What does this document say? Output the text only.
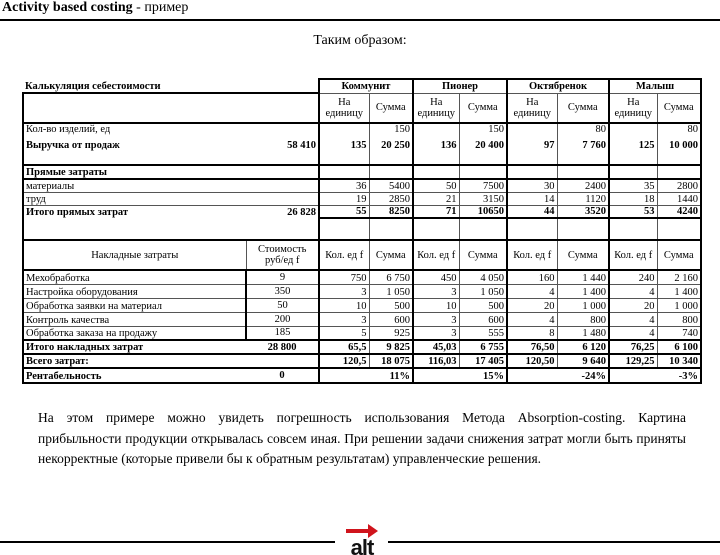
Activity based costing - пример
Таким образом:
Калькуляция себестоимости		Коммунит		Пионер		Октябренок		Малыш	
		На единицу	Сумма	На единицу	Сумма	На единицу	Сумма	На единицу	Сумма
Кол-во изделий, ед			150		150		80		80
Выручка от продаж	58 410	135	20 250	136	20 400	97	7 760	125	10 000

Прямые затраты									
материалы		36	5400	50	7500	30	2400	35	2800
труд		19	2850	21	3150	14	1120	18	1440
Итого прямых затрат	26 828	55	8250	71	10650	44	3520	53	4240

Накладные затраты	Стоимость руб/ед f	Кол. ед f	Сумма	Кол. ед f	Сумма	Кол. ед f	Сумма	Кол. ед f	Сумма
Мехобработка	9	750	6 750	450	4 050	160	1 440	240	2 160
Настройка оборудования	350	3	1 050	3	1 050	4	1 400	4	1 400
Обработка заявки на материал	50	10	500	10	500	20	1 000	20	1 000
Контроль качества	200	3	600	3	600	4	800	4	800
Обработка заказа на продажу	185	5	925	3	555	8	1 480	4	740
Итого накладных затрат	28 800	65,5	9 825	45,03	6 755	76,50	6 120	76,25	6 100
Всего затрат:		120,5	18 075	116,03	17 405	120,50	9 640	129,25	10 340
Рентабельность	0		11%		15%		-24%		-3%
На этом примере можно увидеть погрешность использования Метода Absorption-costing. Картина прибыльности продукции открывалась совсем иная. При решении задачи снижения затрат могли быть приняты некорректные (которые привели бы к обратным результатам) управленческие решения.
alt
